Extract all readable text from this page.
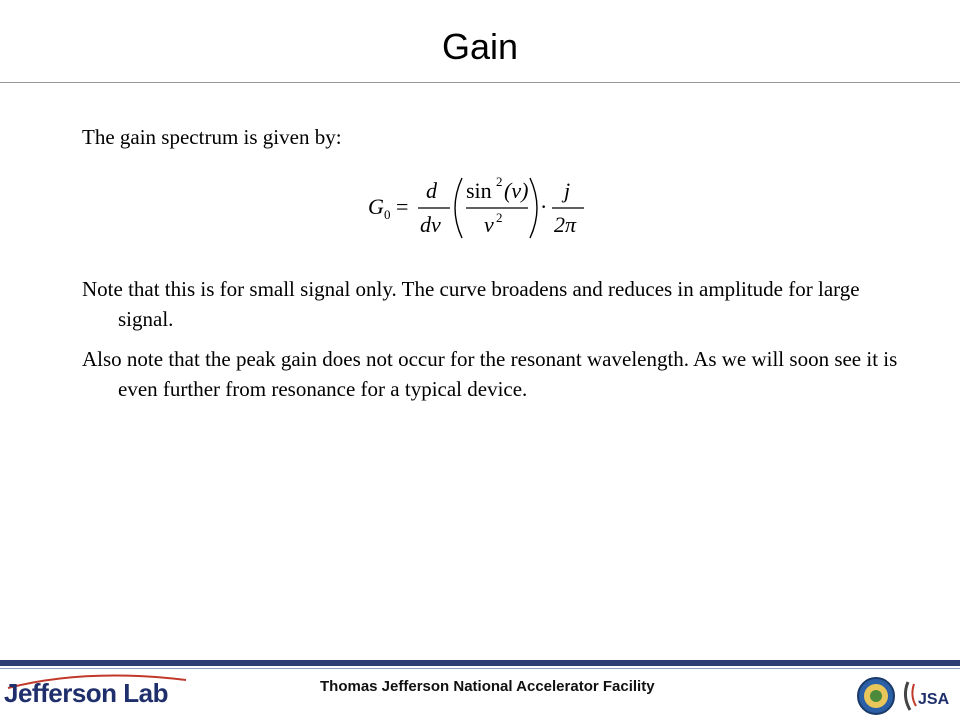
Gain
The gain spectrum is given by:
G 0 =
d
dν
sin 2 (ν)
ν 2 ·
j
2π
Note that this is for small signal only. The curve broadens and reduces in amplitude for large signal.
Also note that the peak gain does not occur for the resonant wavelength. As we will soon see it is even further from resonance for a typical device.
Jefferson Lab	Thomas Jefferson National Accelerator Facility
JSA
